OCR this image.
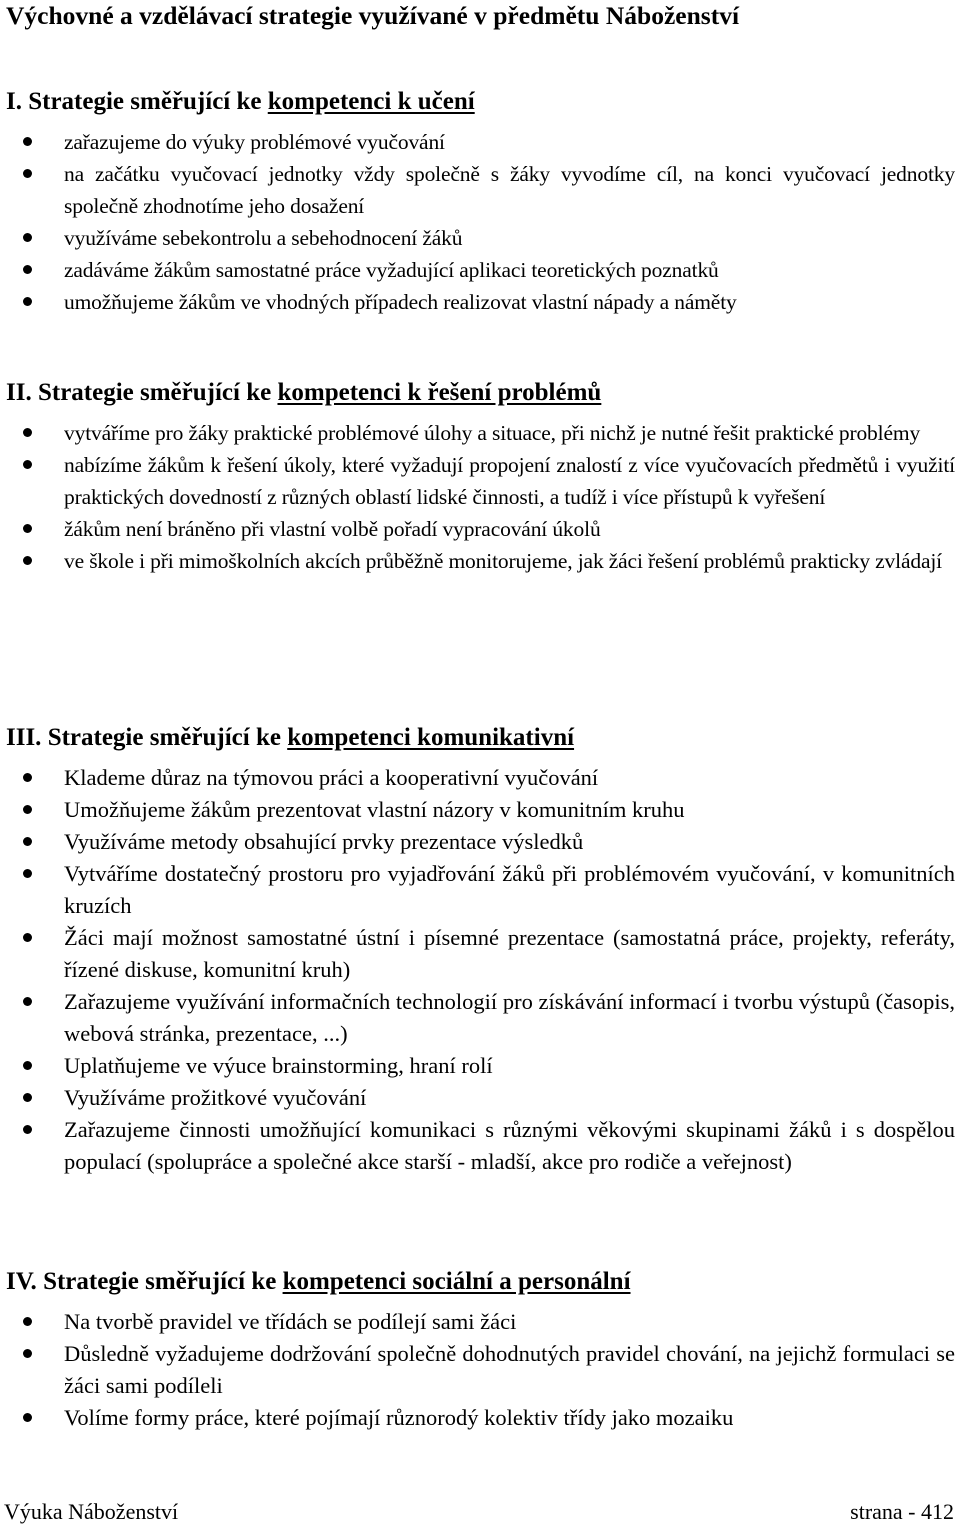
Výchovné a vzdělávací strategie využívané v předmětu Náboženství
I. Strategie směřující ke kompetenci k učení
zařazujeme do výuky problémové vyučování
na začátku vyučovací jednotky vždy společně s žáky vyvodíme cíl, na konci vyučovací jednotky společně zhodnotíme jeho dosažení
využíváme sebekontrolu a sebehodnocení žáků
zadáváme žákům samostatné práce vyžadující aplikaci teoretických poznatků
umožňujeme žákům ve vhodných případech realizovat vlastní nápady a náměty
II. Strategie směřující ke kompetenci k řešení problémů
vytváříme pro žáky praktické problémové úlohy a situace, při nichž je nutné řešit praktické problémy
nabízíme žákům k řešení úkoly, které vyžadují propojení znalostí z více vyučovacích předmětů i využití praktických dovedností z různých oblastí lidské činnosti, a tudíž i více přístupů k vyřešení
žákům není bráněno při vlastní volbě pořadí vypracování úkolů
ve škole i při mimoškolních akcích průběžně monitorujeme, jak žáci řešení problémů prakticky zvládají
III. Strategie směřující ke kompetenci komunikativní
Klademe důraz na týmovou práci a kooperativní vyučování
Umožňujeme žákům prezentovat vlastní názory v komunitním kruhu
Využíváme metody obsahující prvky prezentace výsledků
Vytváříme dostatečný prostoru pro vyjadřování žáků při problémovém vyučování, v komunitních kruzích
Žáci mají možnost samostatné ústní i písemné prezentace (samostatná práce, projekty, referáty, řízené diskuse, komunitní kruh)
Zařazujeme využívání informačních technologií pro získávání informací i tvorbu výstupů (časopis, webová stránka, prezentace, ...)
Uplatňujeme ve výuce brainstorming, hraní rolí
Využíváme prožitkové vyučování
Zařazujeme činnosti umožňující komunikaci s různými věkovými skupinami žáků i s dospělou populací (spolupráce a společné akce starší - mladší, akce pro rodiče a veřejnost)
IV. Strategie směřující ke kompetenci sociální a personální
Na tvorbě pravidel ve třídách se podílejí sami žáci
Důsledně vyžadujeme dodržování společně dohodnutých pravidel chování, na jejichž formulaci se žáci sami podíleli
Volíme formy práce, které pojímají různorodý kolektiv třídy jako mozaiku
Výuka Náboženství	strana - 412
